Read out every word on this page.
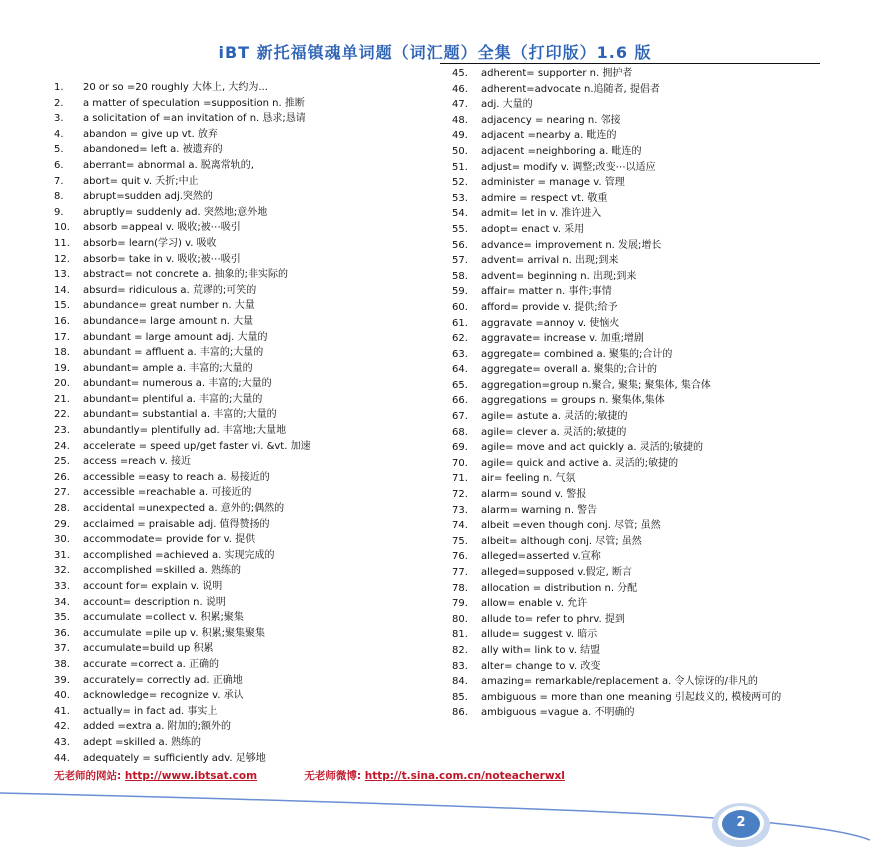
iBT 新托福镇魂单词题（词汇题）全集（打印版）1.6 版
1.	20 or so =20 roughly 大体上, 大约为...
2.	a matter of speculation =supposition n. 推断
3.	a solicitation of =an invitation of n. 恳求;恳请
4.	abandon = give up vt. 放弃
5.	abandoned= left a. 被遗弃的
6.	aberrant= abnormal a. 脱离常轨的,
7.	abort= quit v. 夭折;中止
8.	abrupt=sudden adj.突然的
9.	abruptly= suddenly ad. 突然地;意外地
10.	absorb =appeal v. 吸收;被⋯吸引
11.	absorb= learn(学习) v. 吸收
12.	absorb= take in v. 吸收;被⋯吸引
13.	abstract= not concrete a. 抽象的;非实际的
14.	absurd= ridiculous a. 荒谬的;可笑的
15.	abundance= great number n. 大量
16.	abundance= large amount n. 大量
17.	abundant = large amount adj. 大量的
18.	abundant = affluent a. 丰富的;大量的
19.	abundant= ample a. 丰富的;大量的
20.	abundant= numerous a. 丰富的;大量的
21.	abundant= plentiful a. 丰富的;大量的
22.	abundant= substantial a. 丰富的;大量的
23.	abundantly= plentifully ad. 丰富地;大量地
24.	accelerate = speed up/get faster vi. &vt. 加速
25.	access =reach v. 接近
26.	accessible =easy to reach a. 易接近的
27.	accessible =reachable a. 可接近的
28.	accidental =unexpected a. 意外的;偶然的
29.	acclaimed = praisable adj. 值得赞扬的
30.	accommodate= provide for v. 提供
31.	accomplished =achieved a. 实现完成的
32.	accomplished =skilled a. 熟练的
33.	account for= explain v. 说明
34.	account= description n. 说明
35.	accumulate =collect v. 积累;聚集
36.	accumulate =pile up v. 积累;聚集聚集
37.	accumulate=build up 积累
38.	accurate =correct a. 正确的
39.	accurately= correctly ad. 正确地
40.	acknowledge= recognize v. 承认
41.	actually= in fact ad. 事实上
42.	added =extra a. 附加的;额外的
43.	adept =skilled a. 熟练的
44.	adequately = sufficiently adv. 足够地
45.	adherent= supporter n. 拥护者
46.	adherent=advocate n.追随者, 提倡者
47.	adj. 大量的
48.	adjacency = nearing n. 邻接
49.	adjacent =nearby a. 毗连的
50.	adjacent =neighboring a. 毗连的
51.	adjust= modify v. 调整;改变⋯以适应
52.	administer = manage v. 管理
53.	admire = respect vt. 敬重
54.	admit= let in v. 准许进入
55.	adopt= enact v. 采用
56.	advance= improvement n. 发展;增长
57.	advent= arrival n. 出现;到来
58.	advent= beginning n. 出现;到来
59.	affair= matter n. 事件;事情
60.	afford= provide v. 提供;给予
61.	aggravate =annoy v. 使恼火
62.	aggravate= increase v. 加重;增剧
63.	aggregate= combined a. 聚集的;合计的
64.	aggregate= overall a. 聚集的;合计的
65.	aggregation=group n.聚合, 聚集; 聚集体, 集合体
66.	aggregations = groups n. 聚集体,集体
67.	agile= astute a. 灵活的;敏捷的
68.	agile= clever a. 灵活的;敏捷的
69.	agile= move and act quickly a. 灵活的;敏捷的
70.	agile= quick and active a. 灵活的;敏捷的
71.	air= feeling n. 气氛
72.	alarm= sound v. 警报
73.	alarm= warning n. 警告
74.	albeit =even though conj. 尽管; 虽然
75.	albeit= although conj. 尽管; 虽然
76.	alleged=asserted v.宣称
77.	alleged=supposed v.假定, 断言
78.	allocation = distribution n. 分配
79.	allow= enable v. 允许
80.	allude to= refer to phrv. 提到
81.	allude= suggest v. 暗示
82.	ally with= link to v. 结盟
83.	alter= change to v. 改变
84.	amazing= remarkable/replacement a. 令人惊讶的/非凡的
85.	ambiguous = more than one meaning 引起歧义的, 模棱两可的
86.	ambiguous =vague a. 不明确的
无老师的网站: http://www.ibtsat.com	无老师微博: http://t.sina.com.cn/noteacherwxl
2
